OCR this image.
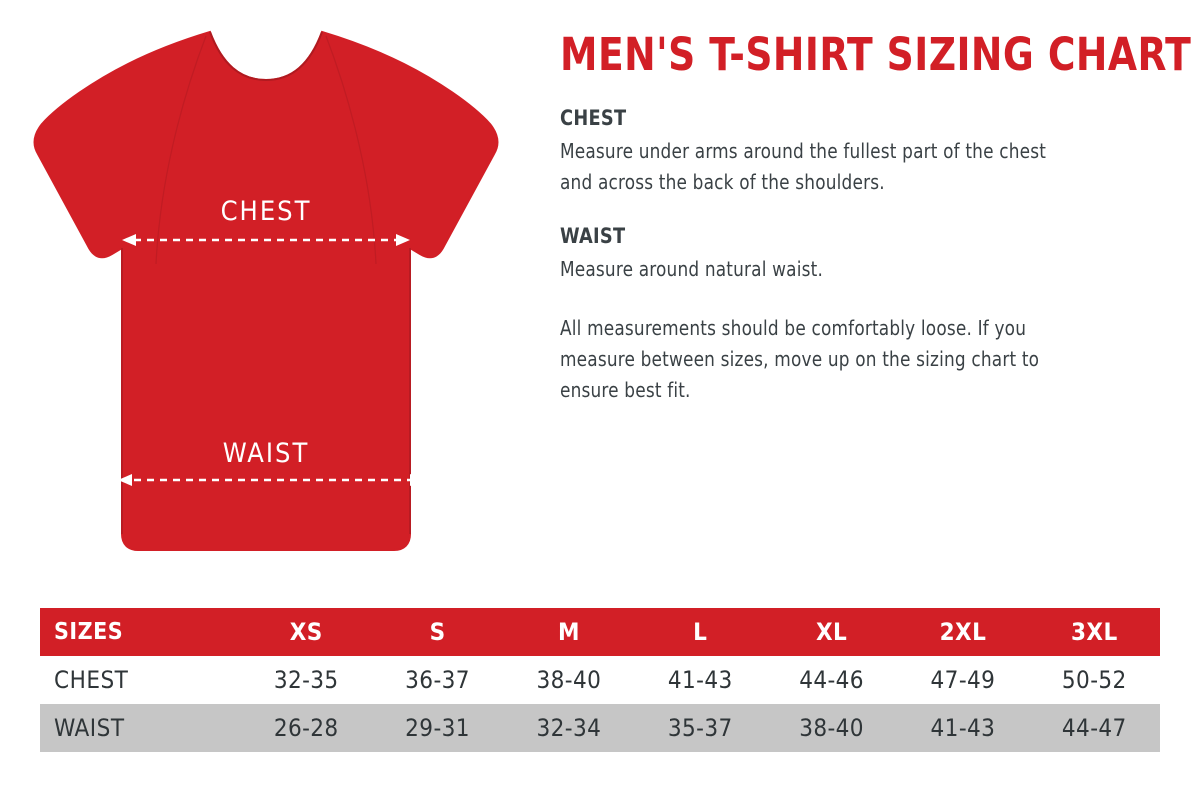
CHEST
WAIST
MEN'S T-SHIRT SIZING CHART
CHEST
Measure under arms around the fullest part of the chest and across the back of the shoulders.
WAIST
Measure around natural waist.
All measurements should be comfortably loose. If you measure between sizes, move up on the sizing chart to ensure best fit.
SIZES	XS	S	M	L	XL	2XL	3XL
CHEST	32-35	36-37	38-40	41-43	44-46	47-49	50-52
WAIST	26-28	29-31	32-34	35-37	38-40	41-43	44-47
